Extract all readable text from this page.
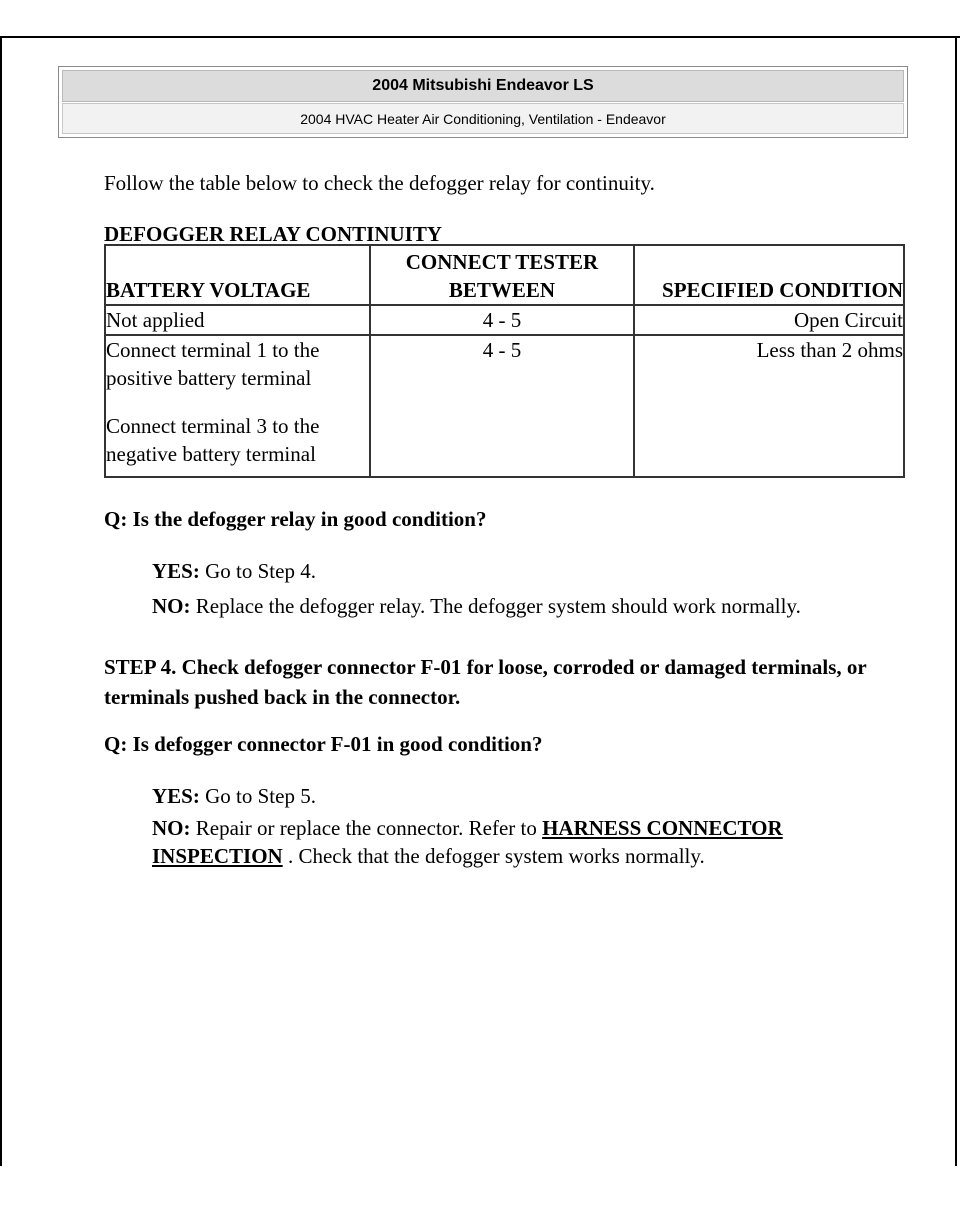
2004 Mitsubishi Endeavor LS
2004 HVAC Heater Air Conditioning, Ventilation - Endeavor

Follow the table below to check the defogger relay for continuity.

DEFOGGER RELAY CONTINUITY

BATTERY VOLTAGE	CONNECT TESTER BETWEEN	SPECIFIED CONDITION
Not applied	4 - 5	Open Circuit

Connect terminal 1 to the positive battery terminal
Connect terminal 3 to the negative battery terminal	4 - 5	Less than 2 ohms

Q: Is the defogger relay in good condition?

YES: Go to Step 4.

NO: Replace the defogger relay. The defogger system should work normally.

STEP 4. Check defogger connector F-01 for loose, corroded or damaged terminals, or terminals pushed back in the connector.

Q: Is defogger connector F-01 in good condition?

YES: Go to Step 5.

NO: Repair or replace the connector. Refer to HARNESS CONNECTOR INSPECTION . Check that the defogger system works normally.
